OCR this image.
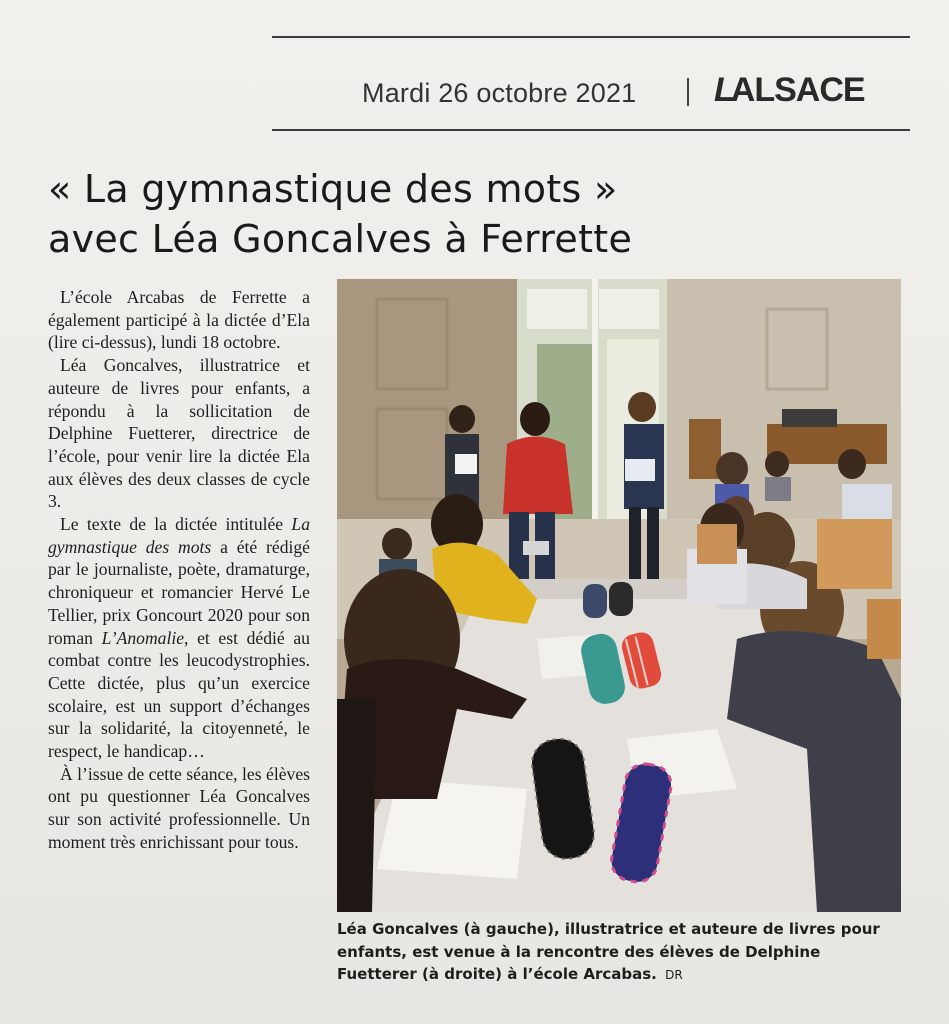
Mardi 26 octobre 2021 LALSACE
« La gymnastique des mots »
avec Léa Goncalves à Ferrette

L’école Arcabas de Ferrette a également participé à la dictée d’Ela (lire ci-dessus), lundi 18 octobre.

Léa Goncalves, illustratrice et auteure de livres pour enfants, a répondu à la sollicitation de Delphine Fuetterer, directrice de l’école, pour venir lire la dictée Ela aux élèves des deux classes de cycle 3.

Le texte de la dictée intitulée La gymnastique des mots a été rédigé par le journaliste, poète, dramaturge, chroniqueur et romancier Hervé Le Tellier, prix Goncourt 2020 pour son roman L’Anomalie, et est dédié au combat contre les leucodystrophies. Cette dictée, plus qu’un exercice scolaire, est un support d’échanges sur la solidarité, la citoyenneté, le respect, le handicap…

À l’issue de cette séance, les élèves ont pu questionner Léa Goncalves sur son activité professionnelle. Un moment très enrichissant pour tous.

Léa Goncalves (à gauche), illustratrice et auteure de livres pour enfants, est venue à la rencontre des élèves de Delphine Fuetterer (à droite) à l’école Arcabas. DR
